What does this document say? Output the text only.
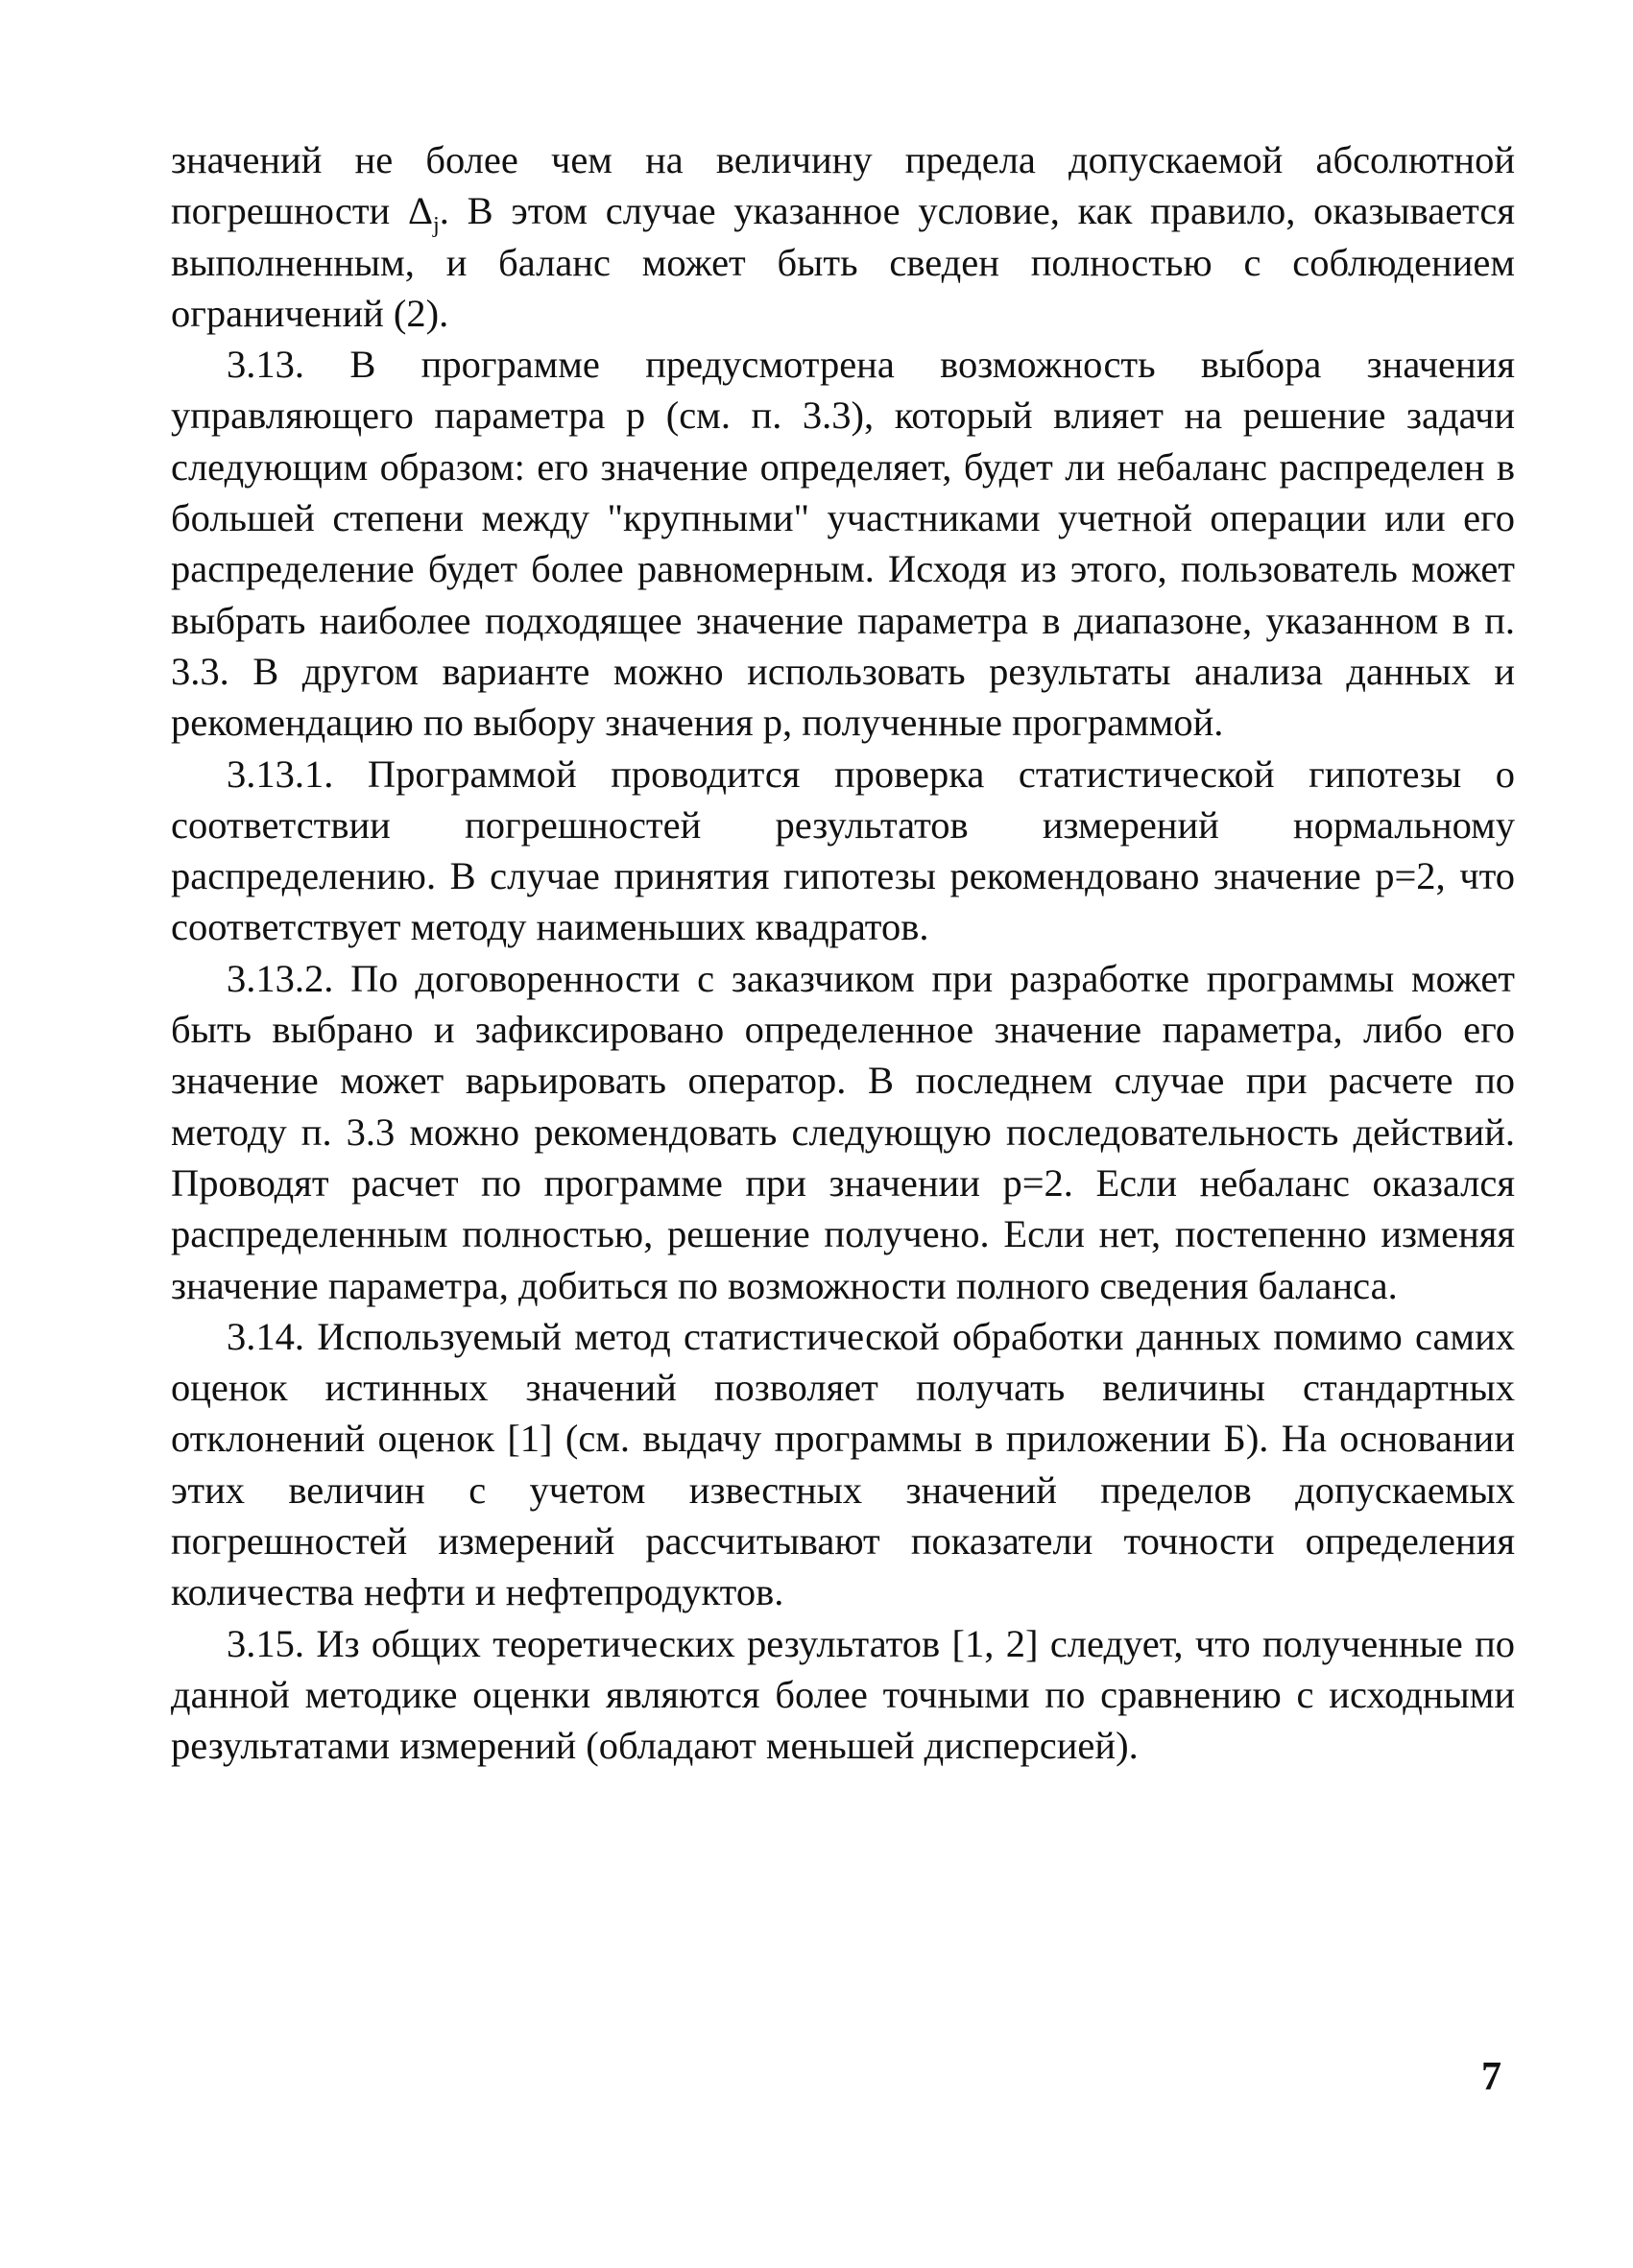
значений не более чем на величину предела допускаемой абсолютной погрешности $\Delta_j$. В этом случае указанное условие, как правило, оказывается выполненным, и баланс может быть сведен полностью с соблюдением ограничений (2).

3.13. В программе предусмотрена возможность выбора значения управляющего параметра p (см. п. 3.3), который влияет на решение задачи следующим образом: его значение определяет, будет ли небаланс распределен в большей степени между "крупными" участниками учетной операции или его распределение будет более равномерным. Исходя из этого, пользователь может выбрать наиболее подходящее значение параметра в диапазоне, указанном в п. 3.3. В другом варианте можно использовать результаты анализа данных и рекомендацию по выбору значения p, полученные программой.

3.13.1. Программой проводится проверка статистической гипотезы о соответствии погрешностей результатов измерений нормальному распределению. В случае принятия гипотезы рекомендовано значение p=2, что соответствует методу наименьших квадратов.

3.13.2. По договоренности с заказчиком при разработке программы может быть выбрано и зафиксировано определенное значение параметра, либо его значение может варьировать оператор. В последнем случае при расчете по методу п. 3.3 можно рекомендовать следующую последовательность действий. Проводят расчет по программе при значении p=2. Если небаланс оказался распределенным полностью, решение получено. Если нет, постепенно изменяя значение параметра, добиться по возможности полного сведения баланса.

3.14. Используемый метод статистической обработки данных помимо самих оценок истинных значений позволяет получать величины стандартных отклонений оценок [1] (см. выдачу программы в приложении Б). На основании этих величин с учетом известных значений пределов допускаемых погрешностей измерений рассчитывают показатели точности определения количества нефти и нефтепродуктов.

3.15. Из общих теоретических результатов [1, 2] следует, что полученные по данной методике оценки являются более точными по сравнению с исходными результатами измерений (обладают меньшей дисперсией).

7
